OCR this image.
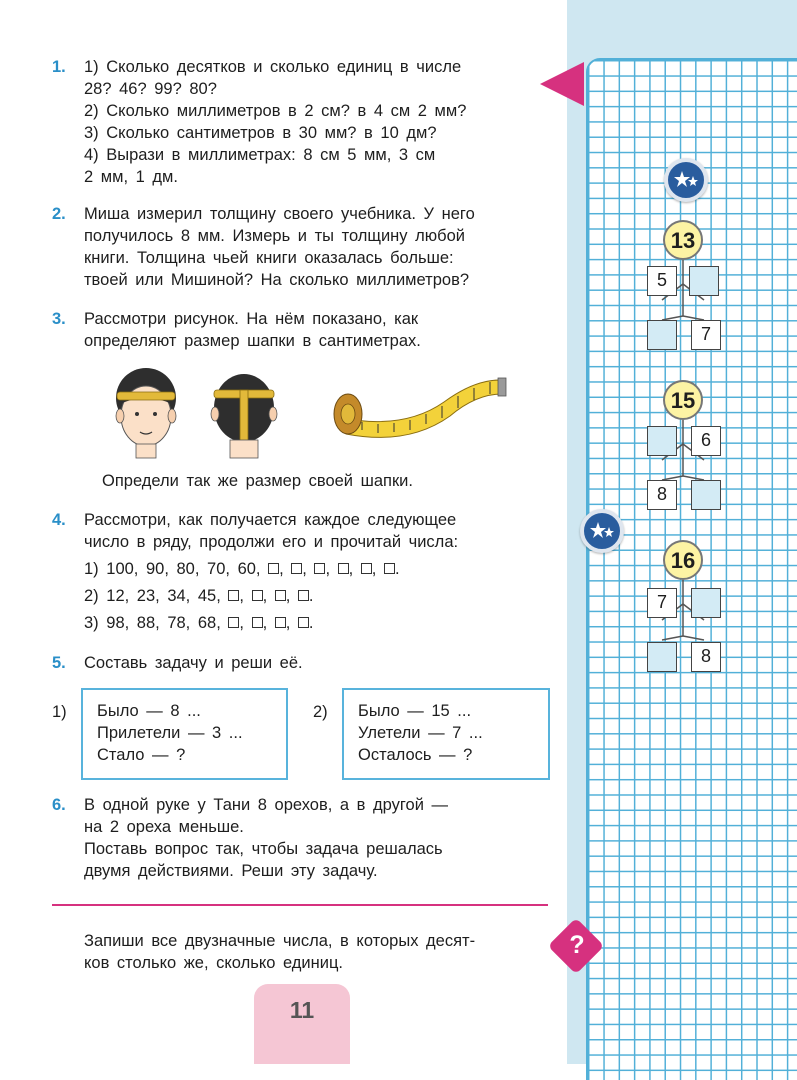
1. 1) Сколько десятков и сколько единиц в числе
28? 46? 99? 80?
2) Сколько миллиметров в 2 см? в 4 см 2 мм?
3) Сколько сантиметров в 30 мм? в 10 дм?
4) Вырази в миллиметрах: 8 см 5 мм, 3 см
2 мм, 1 дм.
2. Миша измерил толщину своего учебника. У него
получилось 8 мм. Измерь и ты толщину любой
книги. Толщина чьей книги оказалась больше:
твоей или Мишиной? На сколько миллиметров?
3. Рассмотри рисунок. На нём показано, как
определяют размер шапки в сантиметрах.
Определи так же размер своей шапки.
4. Рассмотри, как получается каждое следующее
число в ряду, продолжи его и прочитай числа:
1) 100, 90, 80, 70, 60, , , , , , .
2) 12, 23, 34, 45, , , , .
3) 98, 88, 78, 68, , , , .
5. Составь задачу и реши её.
1) Было — 8 ...
Прилетели — 3 ...
Стало — ?
2) Было — 15 ...
Улетели — 7 ...
Осталось — ?
6. В одной руке у Тани 8 орехов, а в другой —
на 2 ореха меньше.
Поставь вопрос так, чтобы задача решалась
двумя действиями. Реши эту задачу.
Запиши все двузначные числа, в которых десят-
ков столько же, сколько единиц.
?
13
5
7
15
6
8
16
7
8
11
